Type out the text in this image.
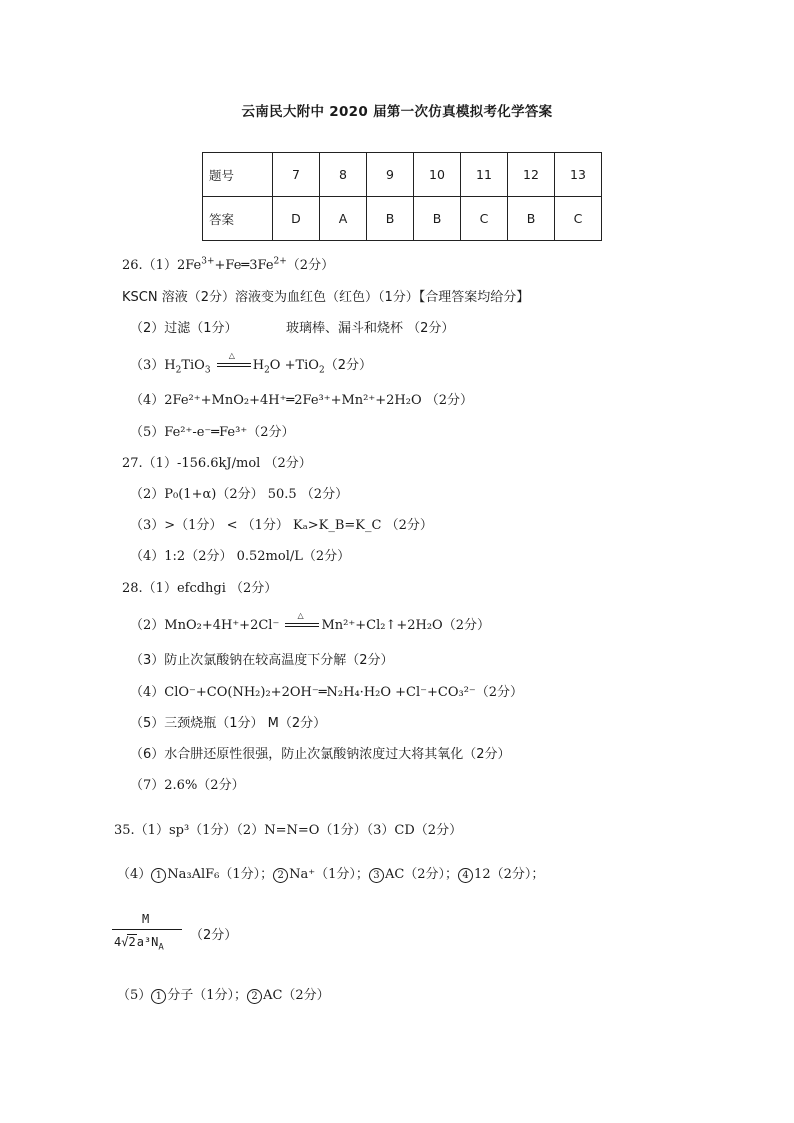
云南民大附中 2020 届第一次仿真模拟考化学答案
题号	7	8	9	10	11	12	13
答案	D	A	B	B	C	B	C
$26.(1)2Fe^{3+}+Fe═3Fe^{2+}(2$分）
KSCN 溶液（2分）溶液变为血红色（红色）（1分）【合理答案均给分】
（2）过滤（1分）	玻璃棒、漏斗和烧杯 （2分）
$(3)H_2TiO_3$
△
$H_2O +TiO_2(2$分）
（4）2Fe²⁺+MnO₂+4H⁺═2Fe³⁺+Mn²⁺+2H₂O （2分）
（5）Fe²⁺-e⁻═Fe³⁺（2分）
27.（1）-156.6kJ/mol （2分）
（2）P₀(1+α)（2分） 50.5 （2分）
（3）>（1分） < （1分） Kₐ>K_B=K_C （2分）
（4）1:2（2分） 0.52mol/L（2分）
28.（1）efcdhgi （2分）
（2）MnO₂+4H⁺+2Cl⁻
△
Mn²⁺+Cl₂↑+2H₂O（2分）
（3）防止次氯酸钠在较高温度下分解（2分）
（4）ClO⁻+CO(NH₂)₂+2OH⁻═N₂H₄·H₂O +Cl⁻+CO₃²⁻（2分）
（5）三颈烧瓶（1分） M（2分）
（6）水合肼还原性很强，防止次氯酸钠浓度过大将其氧化（2分）
（7）2.6%（2分）
35.（1）sp³（1分）（2）N=N=O（1分）（3）CD（2分）
（4） 1 Na₃AlF₆（1分）； 2 Na⁺（1分）； 3 AC（2分）； 4 12（2分）；
M
$4√2a^3N_A$
（2分）
（5） 1 分子（1分）； 2 AC（2分）
